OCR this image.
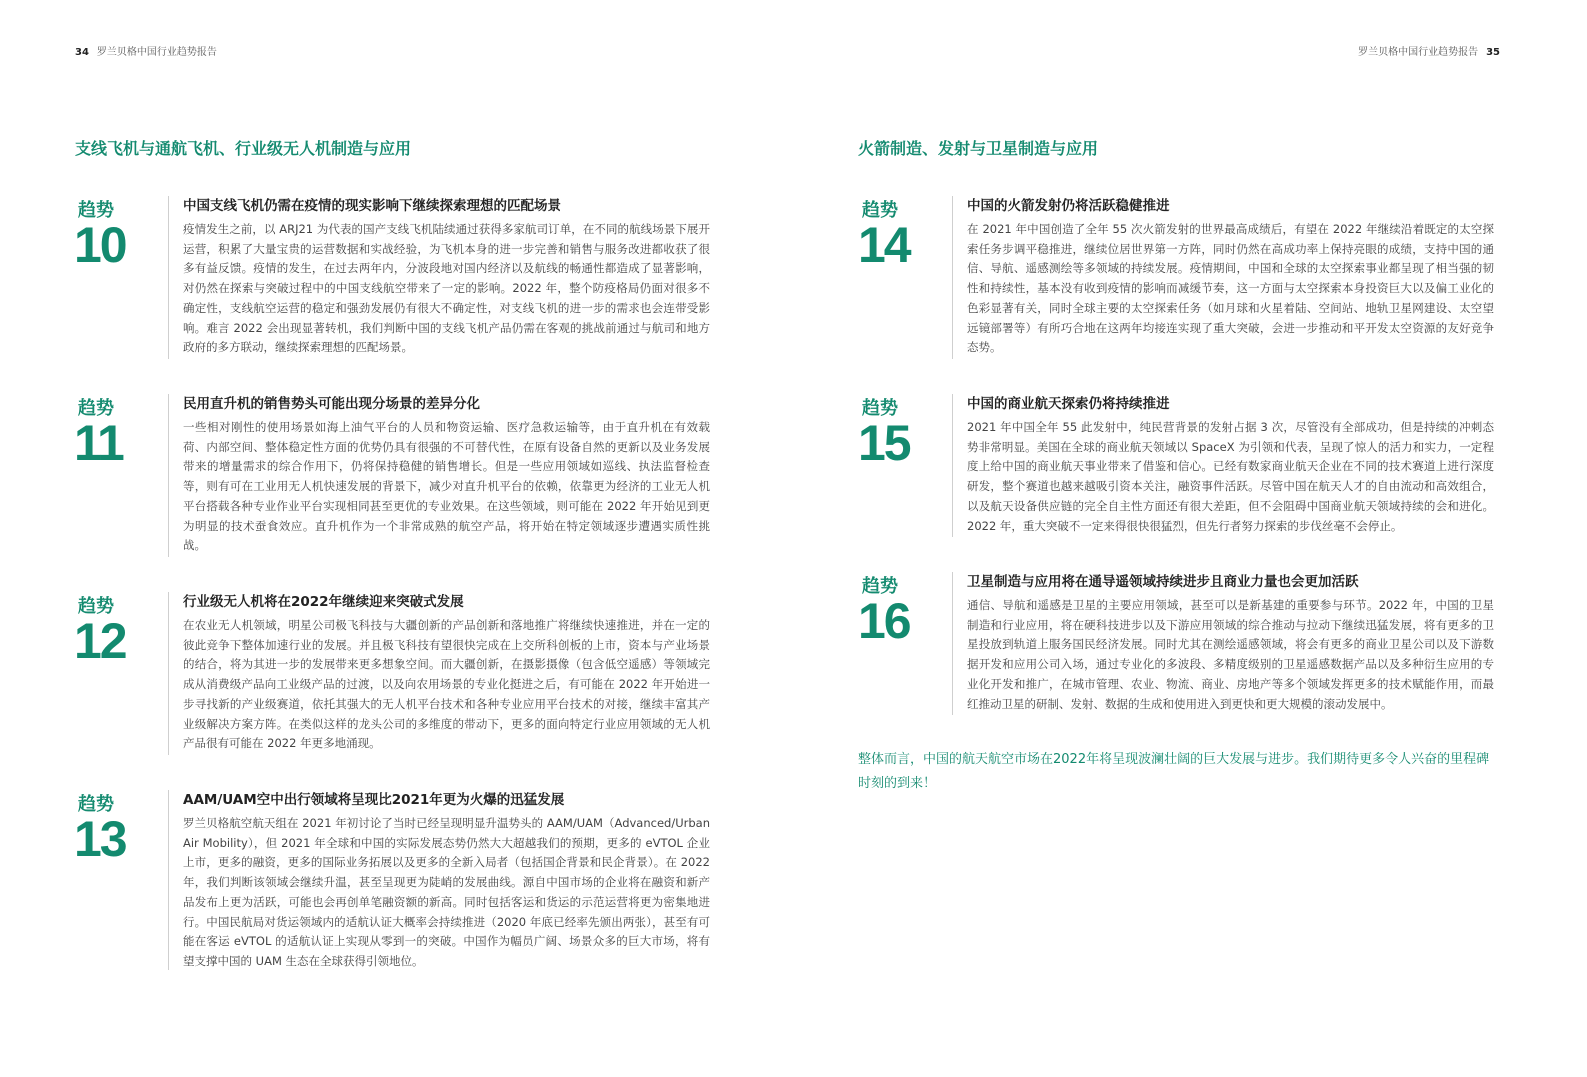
34 罗兰贝格中国行业趋势报告	罗兰贝格中国行业趋势报告 35
支线飞机与通航飞机、行业级无人机制造与应用
趋势
10
中国支线飞机仍需在疫情的现实影响下继续探索理想的匹配场景

疫情发生之前，以 ARJ21 为代表的国产支线飞机陆续通过获得多家航司订单，在不同的航线场景下展开运营，积累了大量宝贵的运营数据和实战经验，为飞机本身的进一步完善和销售与服务改进都收获了很多有益反馈。疫情的发生，在过去两年内，分波段地对国内经济以及航线的畅通性都造成了显著影响，对仍然在探索与突破过程中的中国支线航空带来了一定的影响。2022 年，整个防疫格局仍面对很多不确定性，支线航空运营的稳定和强劲发展仍有很大不确定性，对支线飞机的进一步的需求也会连带受影响。难言 2022 会出现显著转机，我们判断中国的支线飞机产品仍需在客观的挑战前通过与航司和地方政府的多方联动，继续探索理想的匹配场景。

趋势
11
民用直升机的销售势头可能出现分场景的差异分化

一些相对刚性的使用场景如海上油气平台的人员和物资运输、医疗急救运输等，由于直升机在有效载荷、内部空间、整体稳定性方面的优势仍具有很强的不可替代性，在原有设备自然的更新以及业务发展带来的增量需求的综合作用下，仍将保持稳健的销售增长。但是一些应用领域如巡线、执法监督检查等，则有可在工业用无人机快速发展的背景下，减少对直升机平台的依赖，依靠更为经济的工业无人机平台搭载各种专业作业平台实现相同甚至更优的专业效果。在这些领域，则可能在 2022 年开始见到更为明显的技术蚕食效应。直升机作为一个非常成熟的航空产品，将开始在特定领域逐步遭遇实质性挑战。

趋势
12
行业级无人机将在2022年继续迎来突破式发展

在农业无人机领域，明星公司极飞科技与大疆创新的产品创新和落地推广将继续快速推进，并在一定的彼此竞争下整体加速行业的发展。并且极飞科技有望很快完成在上交所科创板的上市，资本与产业场景的结合，将为其进一步的发展带来更多想象空间。而大疆创新，在摄影摄像（包含低空遥感）等领域完成从消费级产品向工业级产品的过渡，以及向农用场景的专业化挺进之后，有可能在 2022 年开始进一步寻找新的产业级赛道，依托其强大的无人机平台技术和各种专业应用平台技术的对接，继续丰富其产业级解决方案方阵。在类似这样的龙头公司的多维度的带动下，更多的面向特定行业应用领域的无人机产品很有可能在 2022 年更多地涌现。

趋势
13
AAM/UAM空中出行领域将呈现比2021年更为火爆的迅猛发展

罗兰贝格航空航天组在 2021 年初讨论了当时已经呈现明显升温势头的 AAM/UAM（Advanced/Urban Air Mobility），但 2021 年全球和中国的实际发展态势仍然大大超越我们的预期，更多的 eVTOL 企业上市，更多的融资，更多的国际业务拓展以及更多的全新入局者（包括国企背景和民企背景）。在 2022 年，我们判断该领域会继续升温，甚至呈现更为陡峭的发展曲线。源自中国市场的企业将在融资和新产品发布上更为活跃，可能也会再创单笔融资额的新高。同时包括客运和货运的示范运营将更为密集地进行。中国民航局对货运领域内的适航认证大概率会持续推进（2020 年底已经率先颁出两张），甚至有可能在客运 eVTOL 的适航认证上实现从零到一的突破。中国作为幅员广阔、场景众多的巨大市场，将有望支撑中国的 UAM 生态在全球获得引领地位。

火箭制造、发射与卫星制造与应用
趋势
14
中国的火箭发射仍将活跃稳健推进

在 2021 年中国创造了全年 55 次火箭发射的世界最高成绩后，有望在 2022 年继续沿着既定的太空探索任务步调平稳推进，继续位居世界第一方阵，同时仍然在高成功率上保持亮眼的成绩，支持中国的通信、导航、遥感测绘等多领域的持续发展。疫情期间，中国和全球的太空探索事业都呈现了相当强的韧性和持续性，基本没有收到疫情的影响而减缓节奏，这一方面与太空探索本身投资巨大以及偏工业化的色彩显著有关，同时全球主要的太空探索任务（如月球和火星着陆、空间站、地轨卫星网建设、太空望远镜部署等）有所巧合地在这两年均接连实现了重大突破，会进一步推动和平开发太空资源的友好竞争态势。

趋势
15
中国的商业航天探索仍将持续推进

2021 年中国全年 55 此发射中，纯民营背景的发射占据 3 次，尽管没有全部成功，但是持续的冲刺态势非常明显。美国在全球的商业航天领域以 SpaceX 为引领和代表，呈现了惊人的活力和实力，一定程度上给中国的商业航天事业带来了借鉴和信心。已经有数家商业航天企业在不同的技术赛道上进行深度研发，整个赛道也越来越吸引资本关注，融资事件活跃。尽管中国在航天人才的自由流动和高效组合，以及航天设备供应链的完全自主性方面还有很大差距，但不会阻碍中国商业航天领域持续的会和进化。2022 年，重大突破不一定来得很快很猛烈，但先行者努力探索的步伐丝毫不会停止。

趋势
16
卫星制造与应用将在通导遥领域持续进步且商业力量也会更加活跃

通信、导航和遥感是卫星的主要应用领域，甚至可以是新基建的重要参与环节。2022 年，中国的卫星制造和行业应用，将在硬科技进步以及下游应用领域的综合推动与拉动下继续迅猛发展，将有更多的卫星投放到轨道上服务国民经济发展。同时尤其在测绘遥感领域，将会有更多的商业卫星公司以及下游数据开发和应用公司入场，通过专业化的多波段、多精度级别的卫星遥感数据产品以及多种衍生应用的专业化开发和推广，在城市管理、农业、物流、商业、房地产等多个领域发挥更多的技术赋能作用，而最红推动卫星的研制、发射、数据的生成和使用进入到更快和更大规模的滚动发展中。

整体而言，中国的航天航空市场在2022年将呈现波澜壮阔的巨大发展与进步。我们期待更多令人兴奋的里程碑时刻的到来！
